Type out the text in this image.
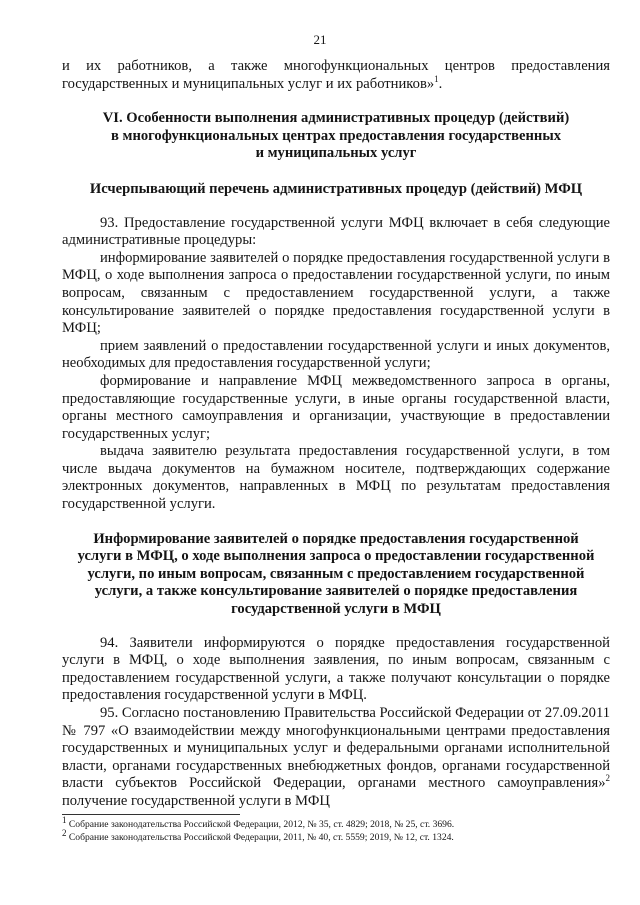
21

и их работников, а также многофункциональных центров предоставления государственных и муниципальных услуг и их работников»$^1$.

VI. Особенности выполнения административных процедур (действий)
в многофункциональных центрах предоставления государственных
и муниципальных услуг
Исчерпывающий перечень административных процедур (действий) МФЦ

93. Предоставление государственной услуги МФЦ включает в себя следующие административные процедуры:

информирование заявителей о порядке предоставления государственной услуги в МФЦ, о ходе выполнения запроса о предоставлении государственной услуги, по иным вопросам, связанным с предоставлением государственной услуги, а также консультирование заявителей о порядке предоставления государственной услуги в МФЦ;

прием заявлений о предоставлении государственной услуги и иных документов, необходимых для предоставления государственной услуги;

формирование и направление МФЦ межведомственного запроса в органы, предоставляющие государственные услуги, в иные органы государственной власти, органы местного самоуправления и организации, участвующие в предоставлении государственных услуг;

выдача заявителю результата предоставления государственной услуги, в том числе выдача документов на бумажном носителе, подтверждающих содержание электронных документов, направленных в МФЦ по результатам предоставления государственной услуги.

Информирование заявителей о порядке предоставления государственной
услуги в МФЦ, о ходе выполнения запроса о предоставлении государственной
услуги, по иным вопросам, связанным с предоставлением государственной
услуги, а также консультирование заявителей о порядке предоставления
государственной услуги в МФЦ

94. Заявители информируются о порядке предоставления государственной услуги в МФЦ, о ходе выполнения заявления, по иным вопросам, связанным с предоставлением государственной услуги, а также получают консультации о порядке предоставления государственной услуги в МФЦ.

95. Согласно постановлению Правительства Российской Федерации от 27.09.2011 № 797 «О взаимодействии между многофункциональными центрами предоставления государственных и муниципальных услуг и федеральными органами исполнительной власти, органами государственных внебюджетных фондов, органами государственной власти субъектов Российской Федерации, органами местного самоуправления»$^2$ получение государственной услуги в МФЦ

$^1$ Собрание законодательства Российской Федерации, 2012, № 35, ст. 4829; 2018, № 25, ст. 3696.

$^2$ Собрание законодательства Российской Федерации, 2011, № 40, ст. 5559; 2019, № 12, ст. 1324.
